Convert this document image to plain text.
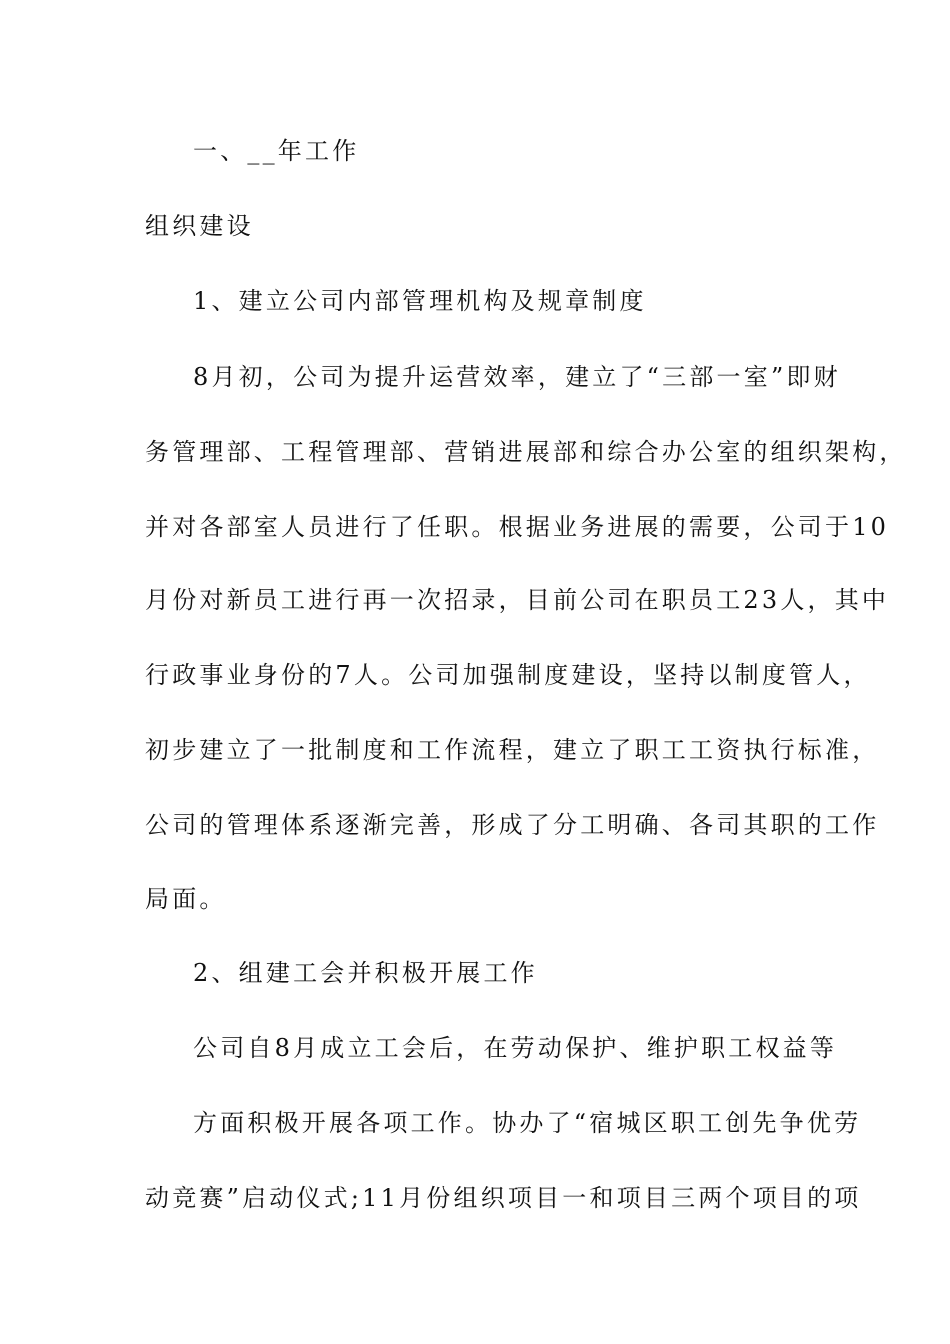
一、__年工作
组织建设
1、建立公司内部管理机构及规章制度
8月初，公司为提升运营效率，建立了“三部一室”即财
务管理部、工程管理部、营销进展部和综合办公室的组织架构，
并对各部室人员进行了任职。根据业务进展的需要，公司于10
月份对新员工进行再一次招录，目前公司在职员工23人，其中
行政事业身份的7人。公司加强制度建设，坚持以制度管人，
初步建立了一批制度和工作流程，建立了职工工资执行标准，
公司的管理体系逐渐完善，形成了分工明确、各司其职的工作
局面。
2、组建工会并积极开展工作
公司自8月成立工会后，在劳动保护、维护职工权益等
方面积极开展各项工作。协办了“宿城区职工创先争优劳
动竞赛”启动仪式;11月份组织项目一和项目三两个项目的项
